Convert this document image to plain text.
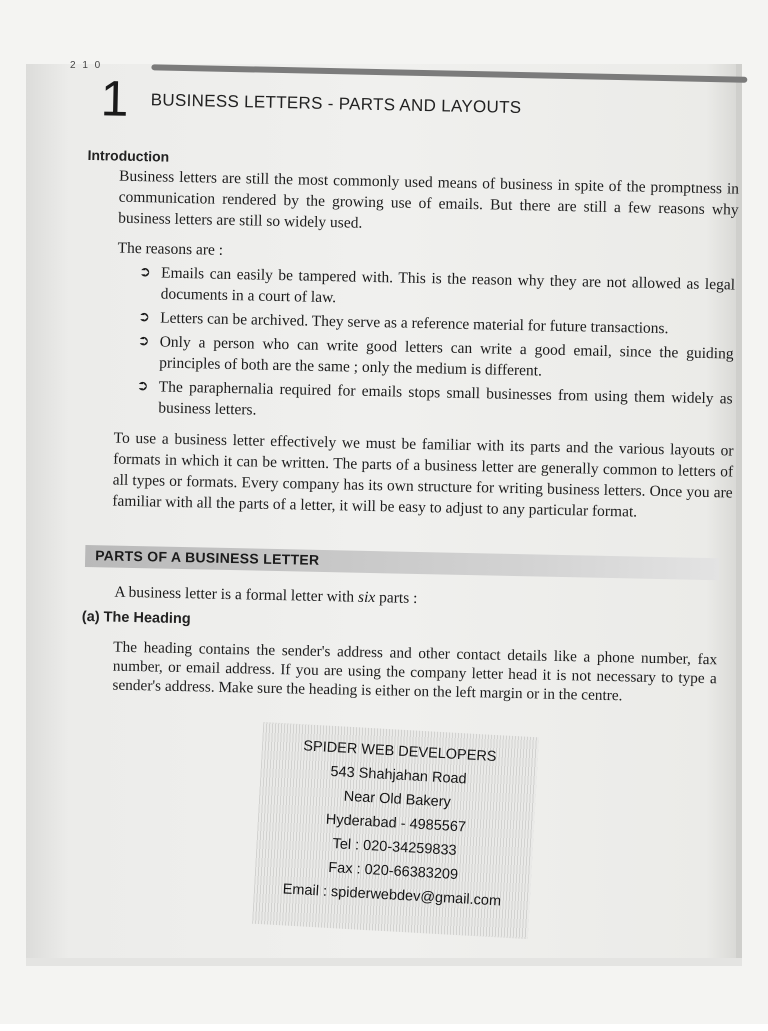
2 1 0
1 BUSINESS LETTERS - PARTS AND LAYOUTS
Introduction
Business letters are still the most commonly used means of business in spite of the promptness in communication rendered by the growing use of emails. But there are still a few reasons why business letters are still so widely used.
The reasons are :
➲ Emails can easily be tampered with. This is the reason why they are not allowed as legal documents in a court of law.
➲ Letters can be archived. They serve as a reference material for future transactions.
➲ Only a person who can write good letters can write a good email, since the guiding principles of both are the same ; only the medium is different.
➲ The paraphernalia required for emails stops small businesses from using them widely as business letters.
To use a business letter effectively we must be familiar with its parts and the various layouts or formats in which it can be written. The parts of a business letter are generally common to letters of all types or formats. Every company has its own structure for writing business letters. Once you are familiar with all the parts of a letter, it will be easy to adjust to any particular format.
PARTS OF A BUSINESS LETTER
A business letter is a formal letter with six parts :
(a) The Heading
The heading contains the sender's address and other contact details like a phone number, fax number, or email address. If you are using the company letter head it is not necessary to type a sender's address. Make sure the heading is either on the left margin or in the centre.
SPIDER WEB DEVELOPERS
543 Shahjahan Road
Near Old Bakery
Hyderabad - 4985567
Tel : 020-34259833
Fax : 020-66383209
Email : spiderwebdev@gmail.com
